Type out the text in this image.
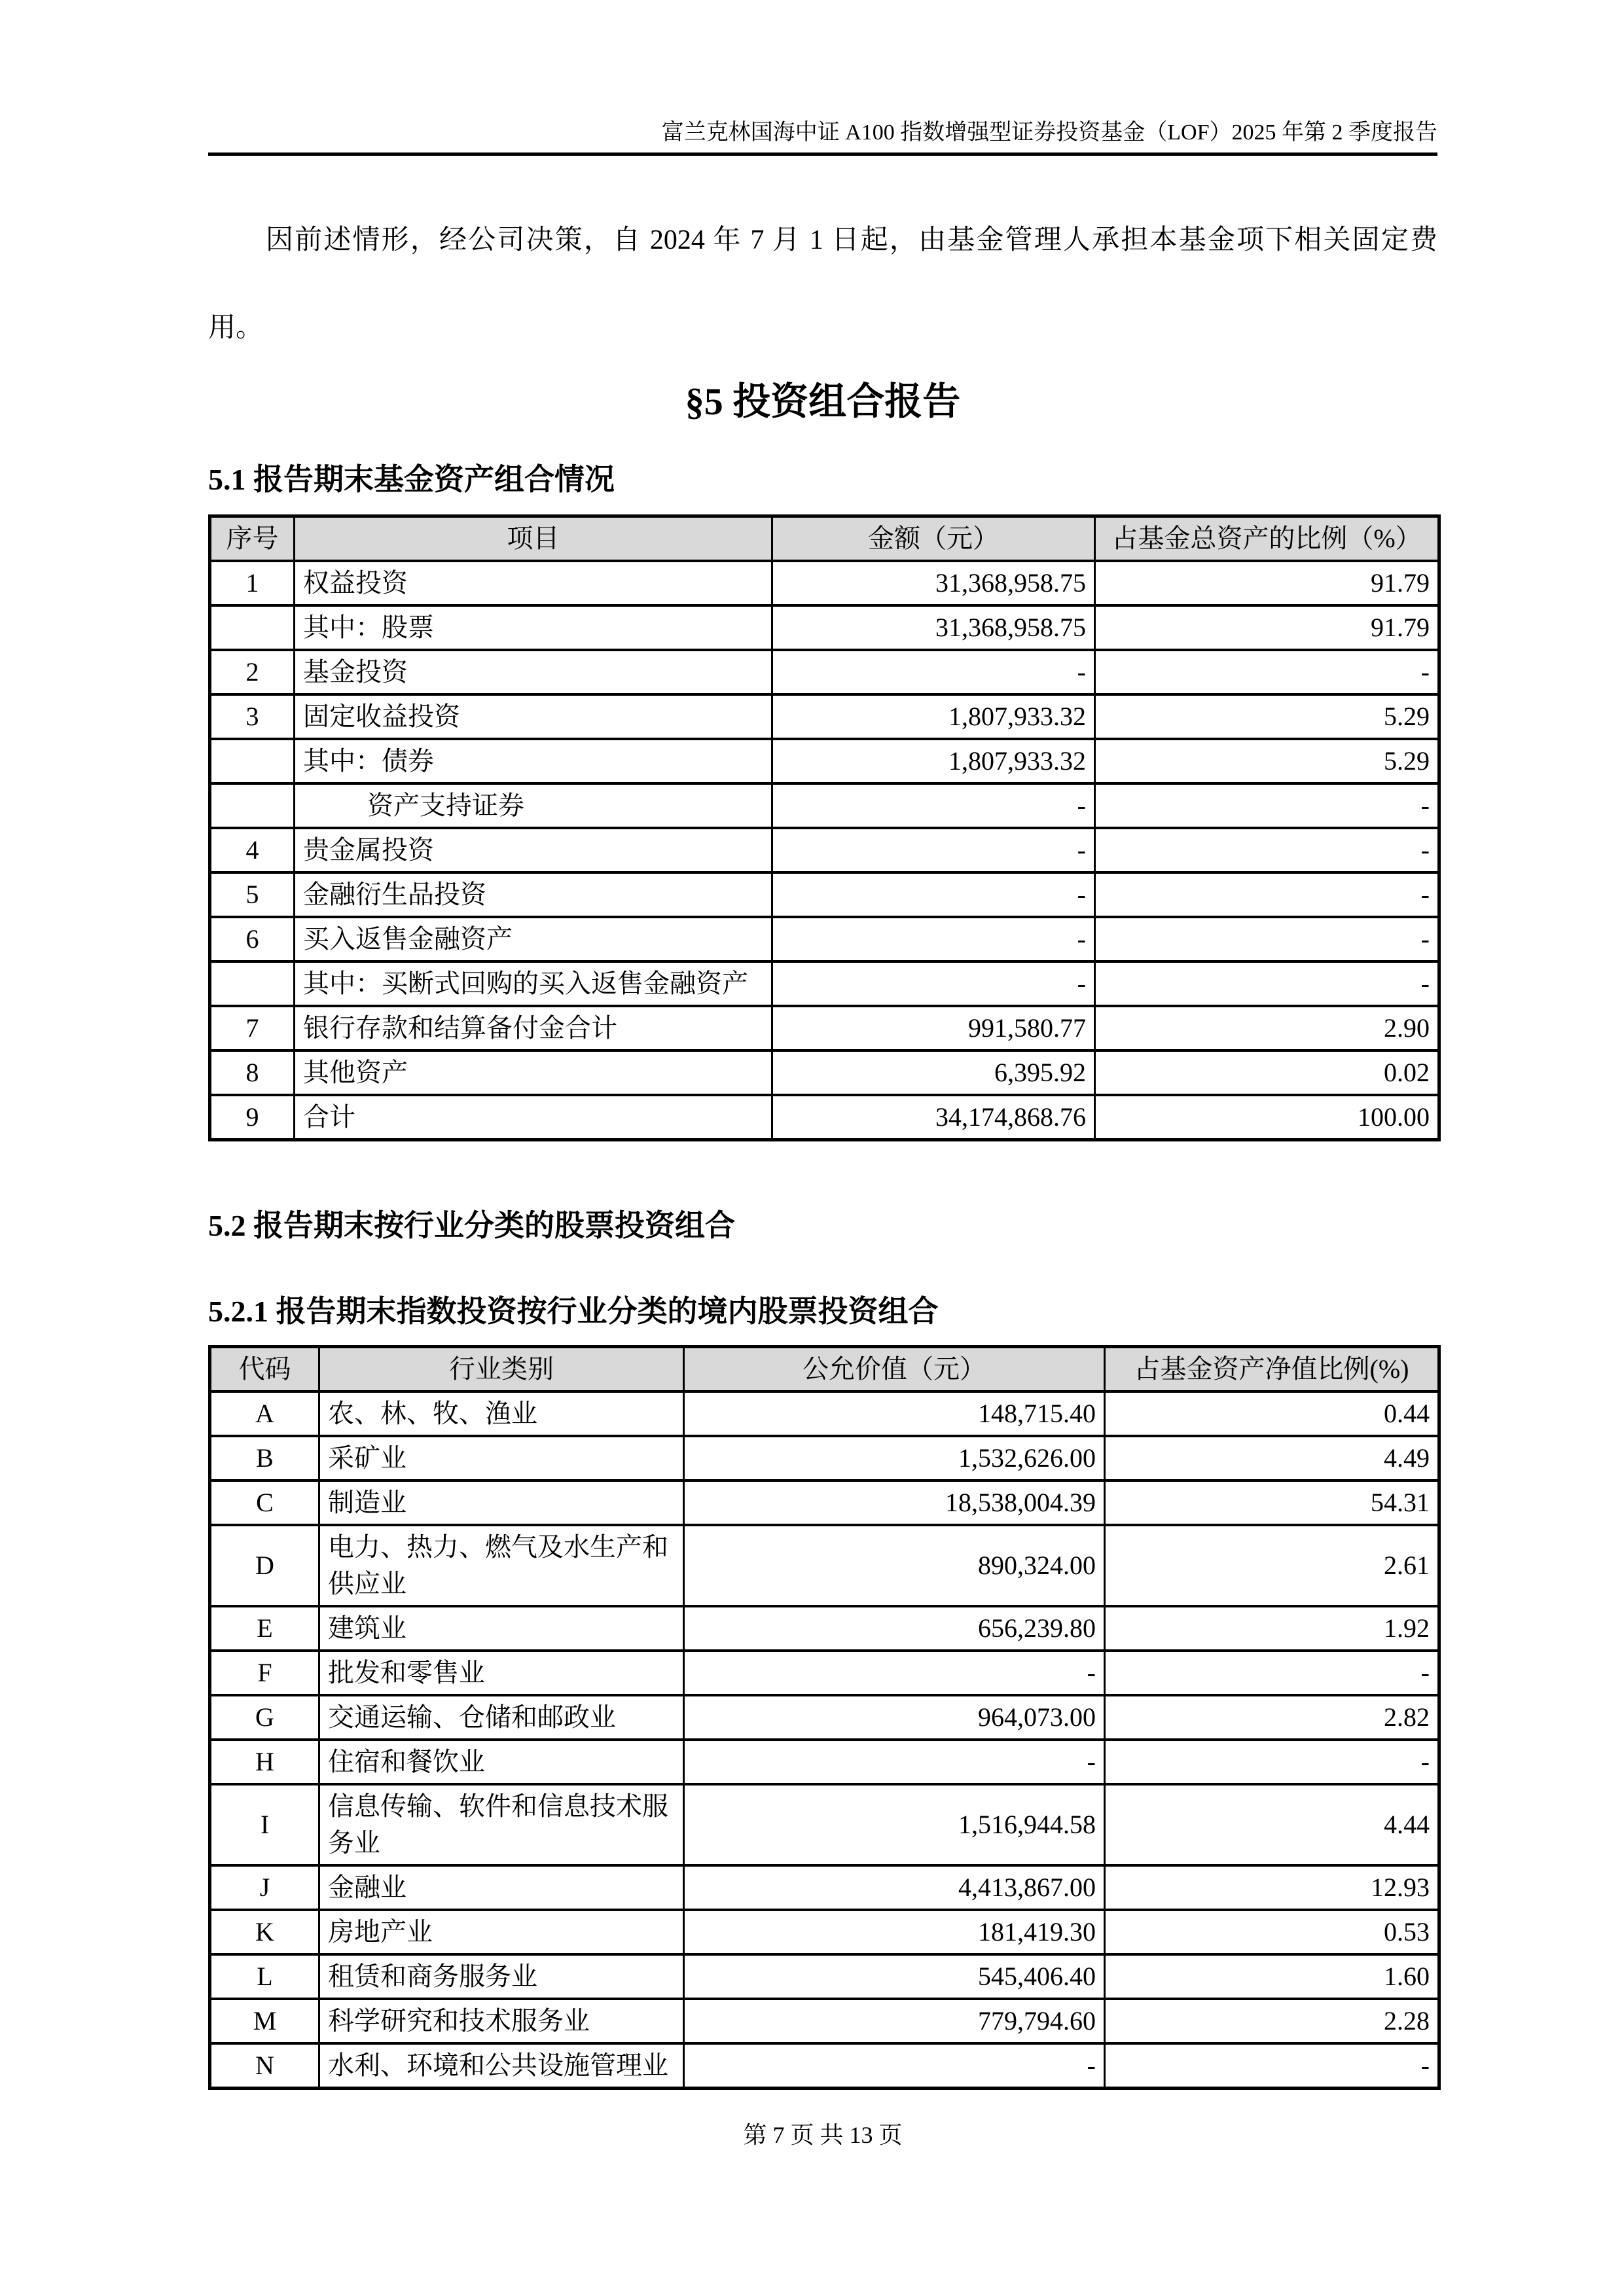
富兰克林国海中证 A100 指数增强型证券投资基金（LOF）2025 年第 2 季度报告
因前述情形，经公司决策，自 2024 年 7 月 1 日起，由基金管理人承担本基金项下相关固定费
用。
§5 投资组合报告
5.1 报告期末基金资产组合情况
序号	项目	金额（元）	占基金总资产的比例（%）
1	权益投资	31,368,958.75	91.79
	其中：股票	31,368,958.75	91.79
2	基金投资	-	-
3	固定收益投资	1,807,933.32	5.29
	其中：债券	1,807,933.32	5.29
	资产支持证券	-	-
4	贵金属投资	-	-
5	金融衍生品投资	-	-
6	买入返售金融资产	-	-
	其中：买断式回购的买入返售金融资产	-	-
7	银行存款和结算备付金合计	991,580.77	2.90
8	其他资产	6,395.92	0.02
9	合计	34,174,868.76	100.00
5.2 报告期末按行业分类的股票投资组合
5.2.1 报告期末指数投资按行业分类的境内股票投资组合
代码	行业类别	公允价值（元）	占基金资产净值比例(%)
A	农、林、牧、渔业	148,715.40	0.44
B	采矿业	1,532,626.00	4.49
C	制造业	18,538,004.39	54.31
D	电力、热力、燃气及水生产和供应业	890,324.00	2.61
E	建筑业	656,239.80	1.92
F	批发和零售业	-	-
G	交通运输、仓储和邮政业	964,073.00	2.82
H	住宿和餐饮业	-	-
I	信息传输、软件和信息技术服务业	1,516,944.58	4.44
J	金融业	4,413,867.00	12.93
K	房地产业	181,419.30	0.53
L	租赁和商务服务业	545,406.40	1.60
M	科学研究和技术服务业	779,794.60	2.28
N	水利、环境和公共设施管理业	-	-
第 7 页 共 13 页
